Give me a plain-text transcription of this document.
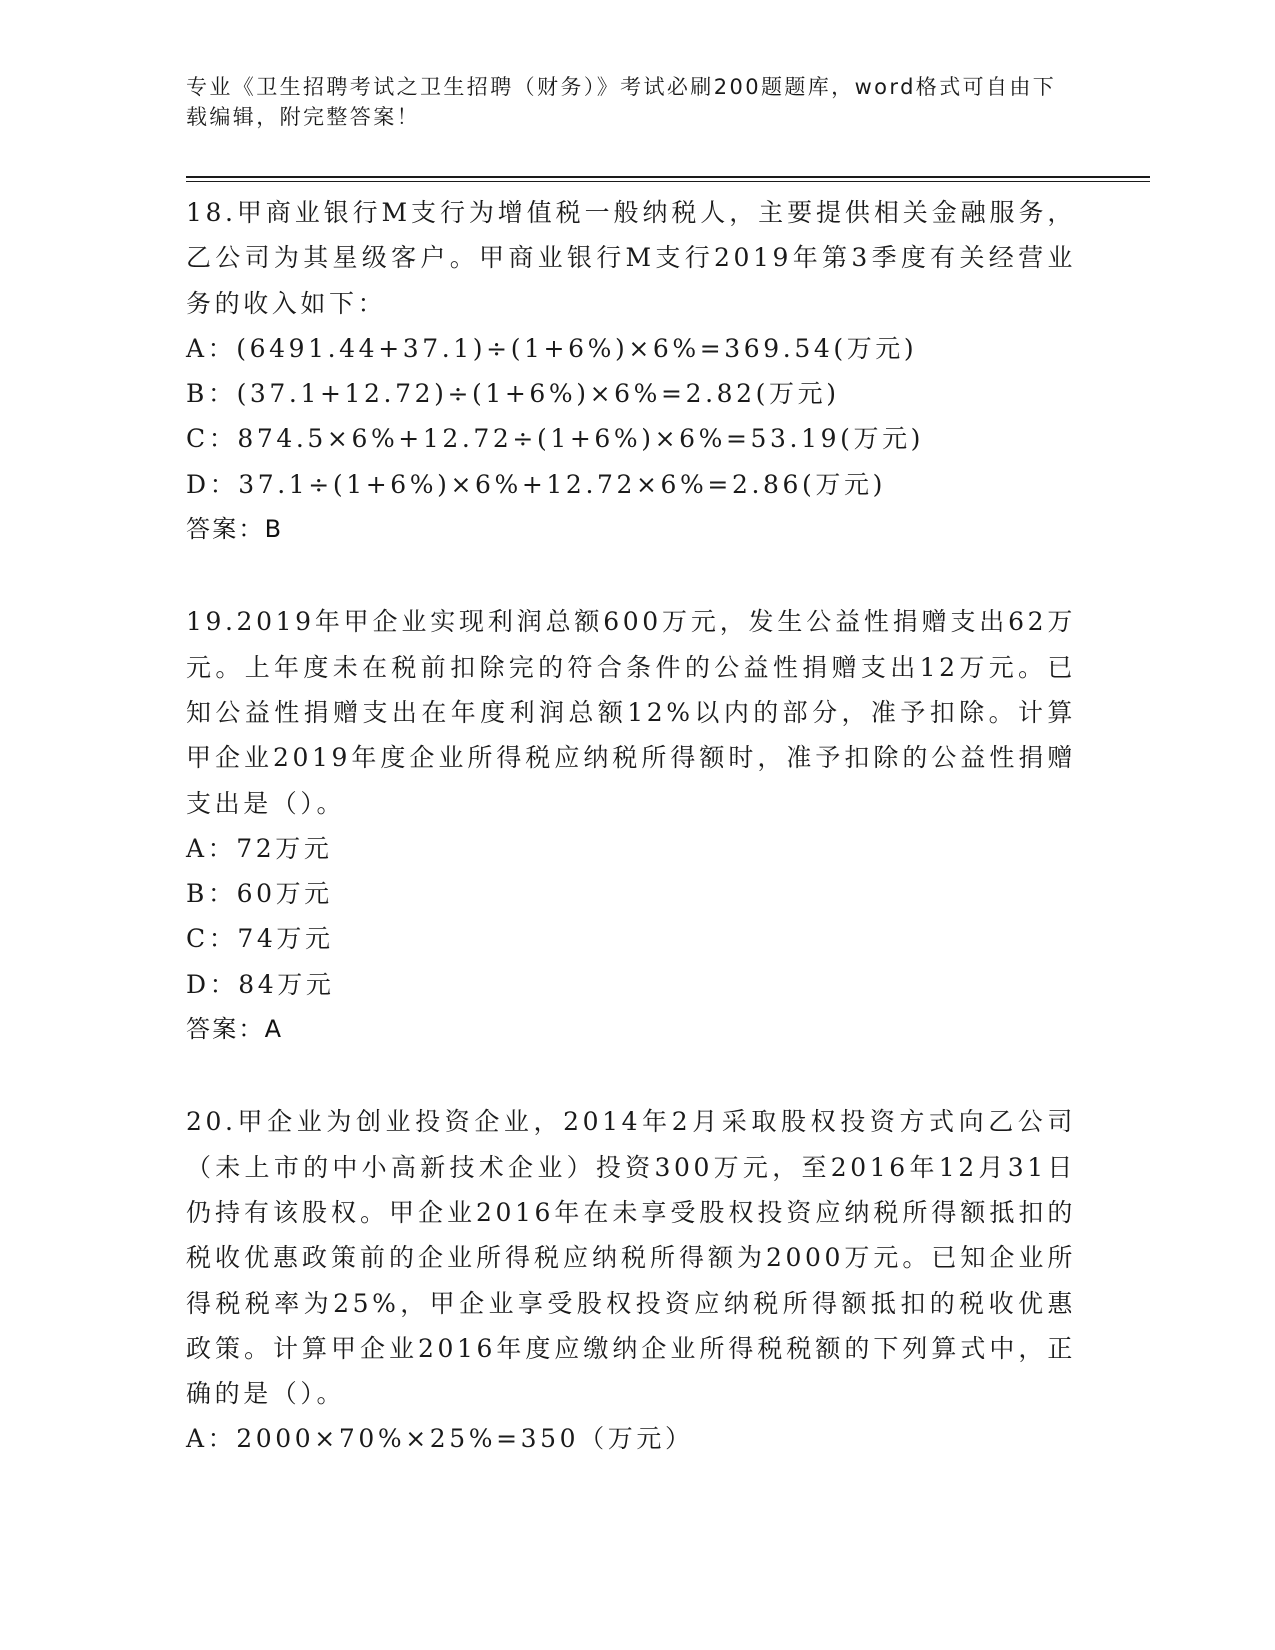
专业《卫生招聘考试之卫生招聘（财务）》考试必刷200题题库，word格式可自由下载编辑，附完整答案！

18.甲商业银行M支行为增值税一般纳税人，主要提供相关金融服务，乙公司为其星级客户。甲商业银行M支行2019年第3季度有关经营业务的收入如下：

A：(6491.44+37.1)÷(1+6%)×6%=369.54(万元)

B：(37.1+12.72)÷(1+6%)×6%=2.82(万元)

C：874.5×6%+12.72÷(1+6%)×6%=53.19(万元)

D：37.1÷(1+6%)×6%+12.72×6%=2.86(万元)

答案：B

19.2019年甲企业实现利润总额600万元，发生公益性捐赠支出62万元。上年度未在税前扣除完的符合条件的公益性捐赠支出12万元。已知公益性捐赠支出在年度利润总额12%以内的部分，准予扣除。计算甲企业2019年度企业所得税应纳税所得额时，准予扣除的公益性捐赠支出是（）。

A：72万元

B：60万元

C：74万元

D：84万元

答案：A

20.甲企业为创业投资企业，2014年2月采取股权投资方式向乙公司（未上市的中小高新技术企业）投资300万元，至2016年12月31日仍持有该股权。甲企业2016年在未享受股权投资应纳税所得额抵扣的税收优惠政策前的企业所得税应纳税所得额为2000万元。已知企业所得税税率为25%，甲企业享受股权投资应纳税所得额抵扣的税收优惠政策。计算甲企业2016年度应缴纳企业所得税税额的下列算式中，正确的是（）。

A：2000×70%×25%=350（万元）
